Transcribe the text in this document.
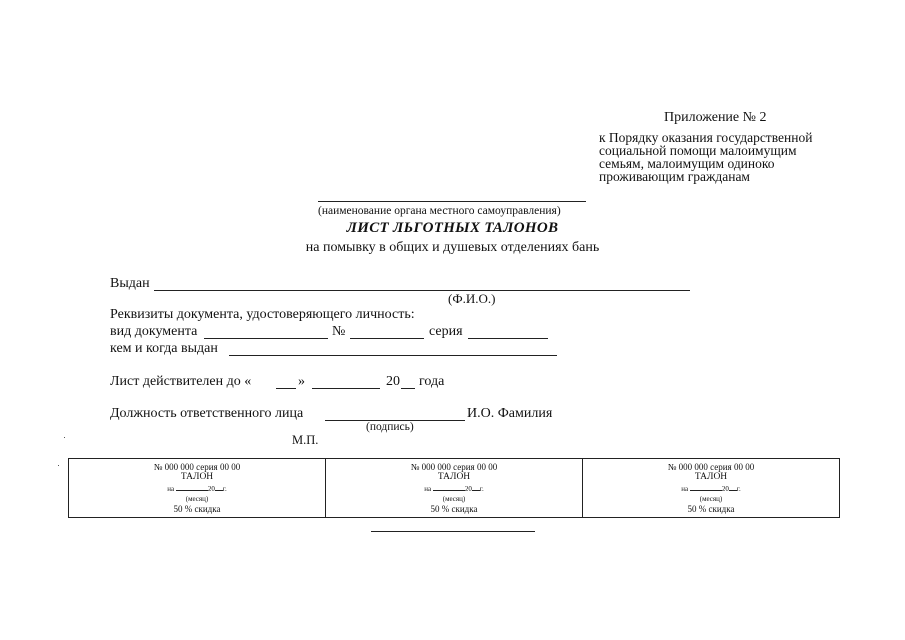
Приложение № 2
к Порядку оказания государственной
социальной помощи малоимущим
семьям, малоимущим одиноко
проживающим гражданам
(наименование органа местного самоуправления)
ЛИСТ ЛЬГОТНЫХ ТАЛОНОВ
на помывку в общих и душевых отделениях бань
Выдан
(Ф.И.О.)
Реквизиты документа, удостоверяющего личность:
вид документа	№	серия
кем и когда выдан
Лист действителен до «	»	20 года
Должность ответственного лица	И.О. Фамилия
(подпись)
М.П.
№ 000 000 серия 00 00
ТАЛОН
на	20 г.
(месяц)
50 % скидка
№ 000 000 серия 00 00
ТАЛОН
на	20 г.
(месяц)
50 % скидка
№ 000 000 серия 00 00
ТАЛОН
на	20 г.
(месяц)
50 % скидка
